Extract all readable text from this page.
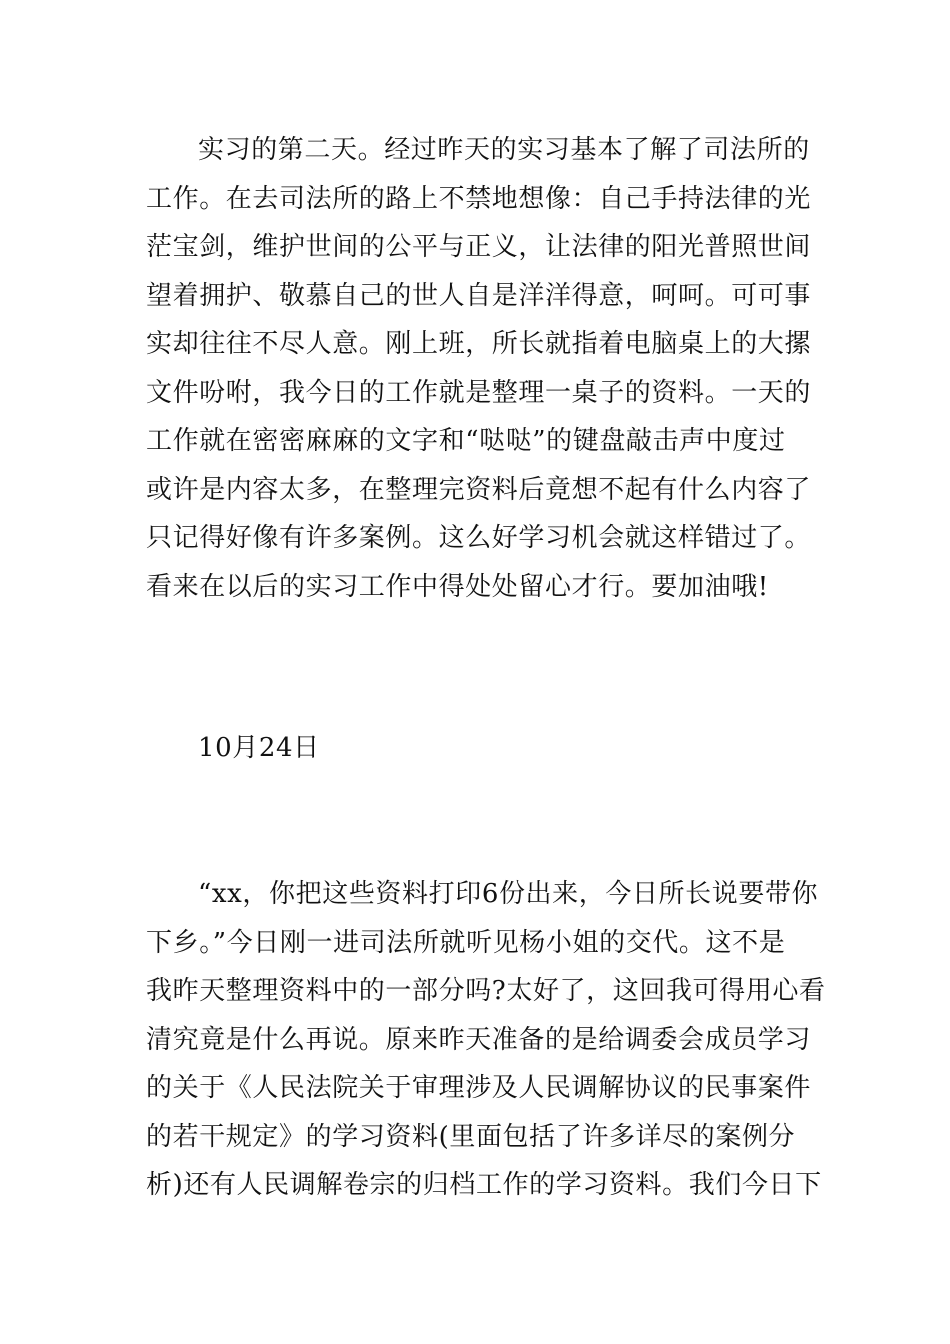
实习的第二天。经过昨天的实习基本了解了司法所的
工作。在去司法所的路上不禁地想像：自己手持法律的光
茫宝剑，维护世间的公平与正义，让法律的阳光普照世间
望着拥护、敬慕自己的世人自是洋洋得意，呵呵。可可事
实却往往不尽人意。刚上班，所长就指着电脑桌上的大摞
文件吩咐，我今日的工作就是整理一桌子的资料。一天的
工作就在密密麻麻的文字和“哒哒”的键盘敲击声中度过
或许是内容太多，在整理完资料后竟想不起有什么内容了
只记得好像有许多案例。这么好学习机会就这样错过了。
看来在以后的实习工作中得处处留心才行。要加油哦!
10月24日
“xx，你把这些资料打印6份出来，今日所长说要带你
下乡。”今日刚一进司法所就听见杨小姐的交代。这不是
我昨天整理资料中的一部分吗?太好了，这回我可得用心看
清究竟是什么再说。原来昨天准备的是给调委会成员学习
的关于《人民法院关于审理涉及人民调解协议的民事案件
的若干规定》的学习资料(里面包括了许多详尽的案例分
析)还有人民调解卷宗的归档工作的学习资料。我们今日下
